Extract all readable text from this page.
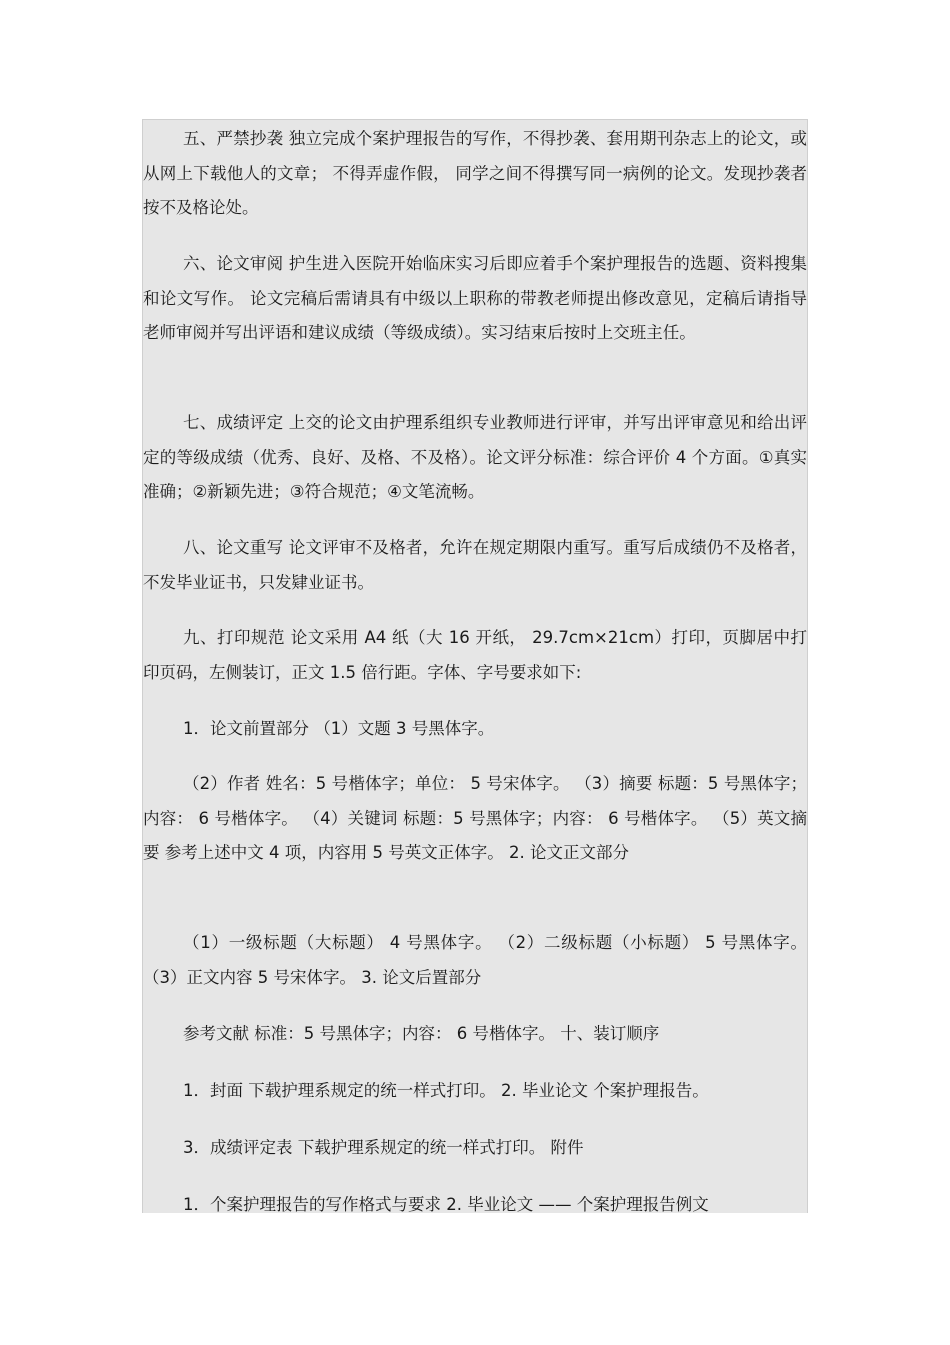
五、严禁抄袭 独立完成个案护理报告的写作，不得抄袭、套用期刊杂志上的论文，或从网上下载他人的文章； 不得弄虚作假， 同学之间不得撰写同一病例的论文。发现抄袭者按不及格论处。

六、论文审阅 护生进入医院开始临床实习后即应着手个案护理报告的选题、资料搜集和论文写作。 论文完稿后需请具有中级以上职称的带教老师提出修改意见，定稿后请指导老师审阅并写出评语和建议成绩（等级成绩）。实习结束后按时上交班主任。

七、成绩评定 上交的论文由护理系组织专业教师进行评审，并写出评审意见和给出评定的等级成绩（优秀、良好、及格、不及格）。论文评分标准：综合评价 4 个方面。①真实准确；②新颖先进；③符合规范；④文笔流畅。

八、论文重写 论文评审不及格者，允许在规定期限内重写。重写后成绩仍不及格者，不发毕业证书，只发肄业证书。

九、打印规范 论文采用 A4 纸（大 16 开纸， 29.7cm×21cm）打印，页脚居中打印页码，左侧装订，正文 1.5 倍行距。字体、字号要求如下:

1．论文前置部分 （1）文题 3 号黑体字。

（2）作者 姓名：5 号楷体字；单位： 5 号宋体字。 （3）摘要 标题：5 号黑体字；内容： 6 号楷体字。 （4）关键词 标题：5 号黑体字；内容： 6 号楷体字。 （5）英文摘要 参考上述中文 4 项，内容用 5 号英文正体字。 2. 论文正文部分

（1）一级标题（大标题） 4 号黑体字。 （2）二级标题（小标题） 5 号黑体字。 （3）正文内容 5 号宋体字。 3. 论文后置部分

参考文献 标准：5 号黑体字；内容： 6 号楷体字。 十、装订顺序

1．封面 下载护理系规定的统一样式打印。 2. 毕业论文 个案护理报告。

3．成绩评定表 下载护理系规定的统一样式打印。 附件

1．个案护理报告的写作格式与要求 2. 毕业论文 —— 个案护理报告例文
